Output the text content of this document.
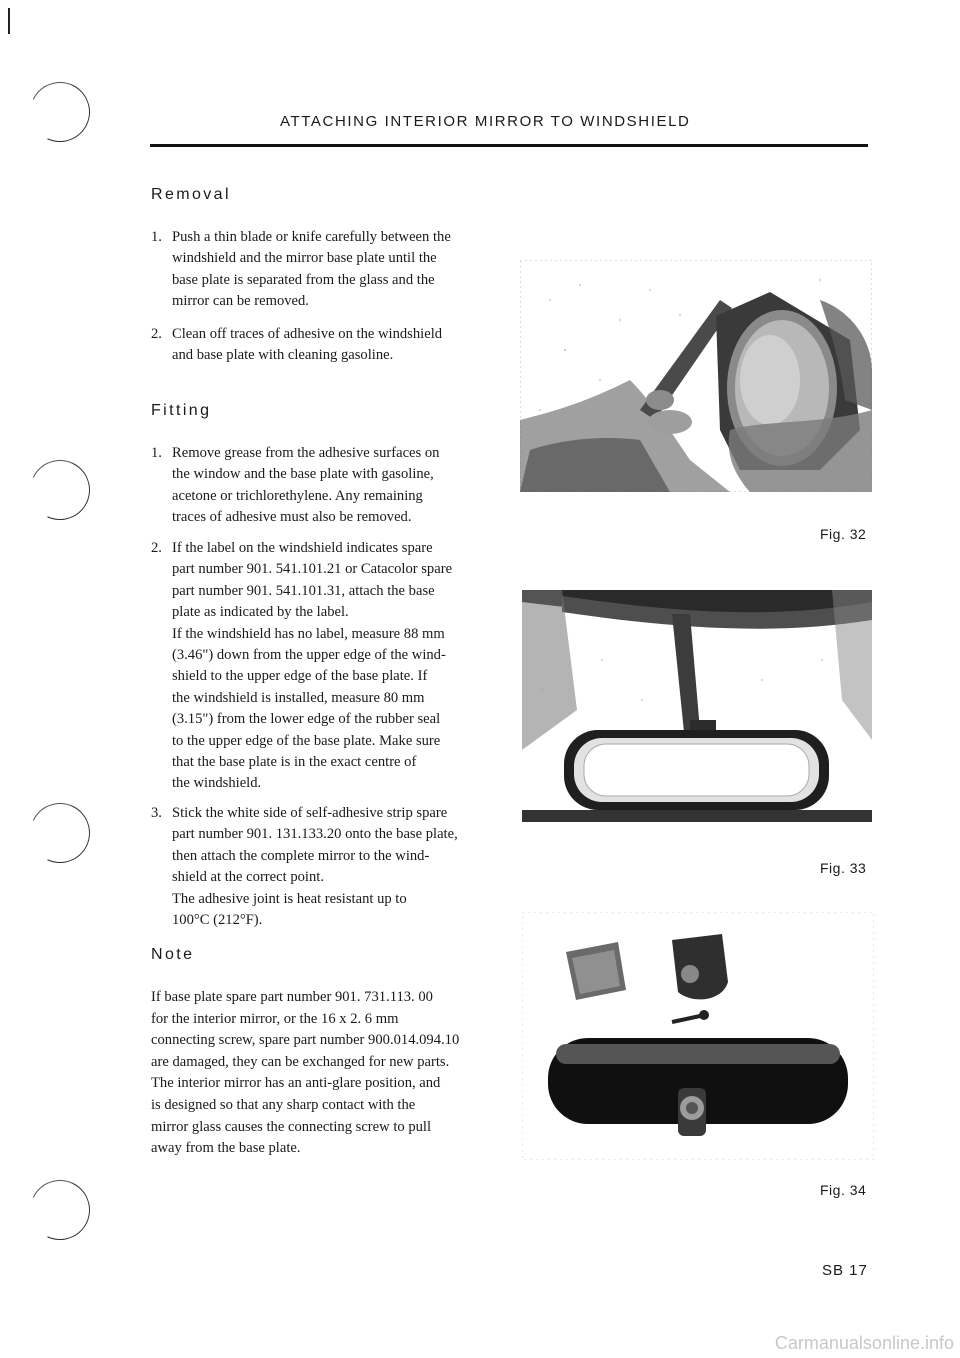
ATTACHING INTERIOR MIRROR TO WINDSHIELD
Removal
1. Push a thin blade or knife carefully between the

windshield and the mirror base plate until the

base plate is separated from the glass and the

mirror can be removed.

2. Clean off traces of adhesive on the windshield

and base plate with cleaning gasoline.

Fitting
1. Remove grease from the adhesive surfaces on

the window and the base plate with gasoline,

acetone or trichlorethylene. Any remaining

traces of adhesive must also be removed.

2. If the label on the windshield indicates spare

part number 901. 541.101.21 or Catacolor spare

part number 901. 541.101.31, attach the base

plate as indicated by the label.

If the windshield has no label, measure 88 mm

(3.46") down from the upper edge of the wind-

shield to the upper edge of the base plate. If

the windshield is installed, measure 80 mm

(3.15") from the lower edge of the rubber seal

to the upper edge of the base plate. Make sure

that the base plate is in the exact centre of

the windshield.

3. Stick the white side of self-adhesive strip spare

part number 901. 131.133.20 onto the base plate,

then attach the complete mirror to the wind-

shield at the correct point.

The adhesive joint is heat resistant up to

100°C (212°F).

Note
If base plate spare part number 901. 731.113. 00
for the interior mirror, or the 16 x 2. 6 mm
connecting screw, spare part number 900.014.094.10
are damaged, they can be exchanged for new parts.
The interior mirror has an anti-glare position, and
is designed so that any sharp contact with the
mirror glass causes the connecting screw to pull
away from the base plate.
Fig. 32
Fig. 33
Fig. 34
SB 17
Carmanualsonline.info
